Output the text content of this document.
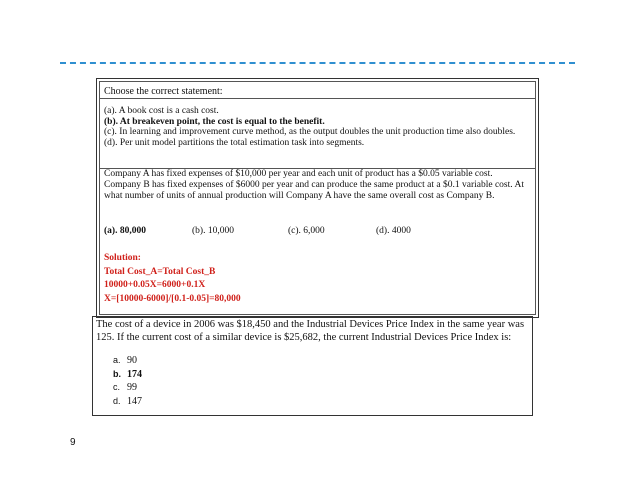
Choose the correct statement:
(a). A book cost is a cash cost.
(b). At breakeven point, the cost is equal to the benefit.
(c). In learning and improvement curve method, as the output doubles the unit production time also doubles.
(d). Per unit model partitions the total estimation task into segments.
Company A has fixed expenses of $10,000 per year and each unit of product has a $0.05 variable cost. Company B has fixed expenses of $6000 per year and can produce the same product at a $0.1 variable cost. At what number of units of annual production will Company A have the same overall cost as Company B.
(a). 80,000	(b). 10,000	(c). 6,000	(d). 4000
Solution:
Total Cost_A=Total Cost_B
10000+0.05X=6000+0.1X
X=[10000-6000]/[0.1-0.05]=80,000
The cost of a device in 2006 was $18,450 and the Industrial Devices Price Index in the same year was 125. If the current cost of a similar device is $25,682, the current Industrial Devices Price Index is:
a. 90
b. 174
c. 99
d. 147
9
